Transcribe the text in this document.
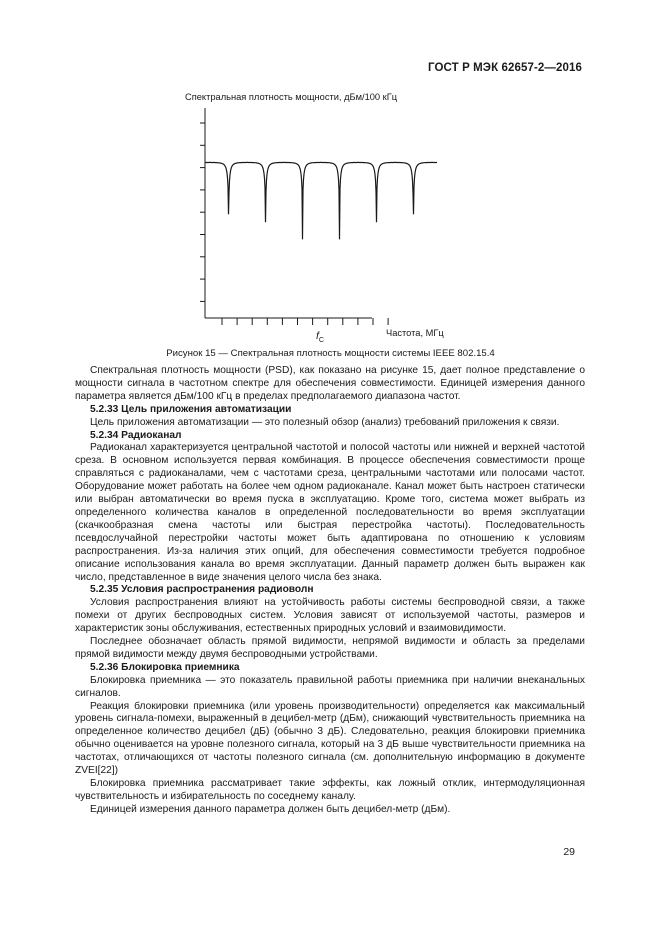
ГОСТ Р МЭК 62657-2—2016
Спектральная плотность мощности, дБм/100 кГц
$f_C$
Частота, МГц
Рисунок 15 — Спектральная плотность мощности системы IEEE 802.15.4

Спектральная плотность мощности (PSD), как показано на рисунке 15, дает полное представление о мощности сигнала в частотном спектре для обеспечения совместимости. Единицей измерения данного параметра является дБм/100 кГц в пределах предполагаемого диапазона частот.

5.2.33 Цель приложения автоматизации

Цель приложения автоматизации — это полезный обзор (анализ) требований приложения к связи.

5.2.34 Радиоканал

Радиоканал характеризуется центральной частотой и полосой частоты или нижней и верхней частотой среза. В основном используется первая комбинация. В процессе обеспечения совместимости проще справляться с радиоканалами, чем с частотами среза, центральными частотами или полосами частот. Оборудование может работать на более чем одном радиоканале. Канал может быть настроен статически или выбран автоматически во время пуска в эксплуатацию. Кроме того, система может выбрать из определенного количества каналов в определенной последовательности во время эксплуатации (скачкообразная смена частоты или быстрая перестройка частоты). Последовательность псевдослучайной перестройки частоты может быть адаптирована по отношению к условиям распространения. Из-за наличия этих опций, для обеспечения совместимости требуется подробное описание использования канала во время эксплуатации. Данный параметр должен быть выражен как число, представленное в виде значения целого числа без знака.

5.2.35 Условия распространения радиоволн

Условия распространения влияют на устойчивость работы системы беспроводной связи, а также помехи от других беспроводных систем. Условия зависят от используемой частоты, размеров и характеристик зоны обслуживания, естественных природных условий и взаимовидимости.

Последнее обозначает область прямой видимости, непрямой видимости и область за пределами прямой видимости между двумя беспроводными устройствами.

5.2.36 Блокировка приемника

Блокировка приемника — это показатель правильной работы приемника при наличии внеканальных сигналов.

Реакция блокировки приемника (или уровень производительности) определяется как максимальный уровень сигнала-помехи, выраженный в децибел-метр (дБм), снижающий чувствительность приемника на определенное количество децибел (дБ) (обычно 3 дБ). Следовательно, реакция блокировки приемника обычно оценивается на уровне полезного сигнала, который на 3 дБ выше чувствительности приемника на частотах, отличающихся от частоты полезного сигнала (см. дополнительную информацию в документе ZVEI[22])

Блокировка приемника рассматривает такие эффекты, как ложный отклик, интермодуляционная чувствительность и избирательность по соседнему каналу.

Единицей измерения данного параметра должен быть децибел-метр (дБм).

29
